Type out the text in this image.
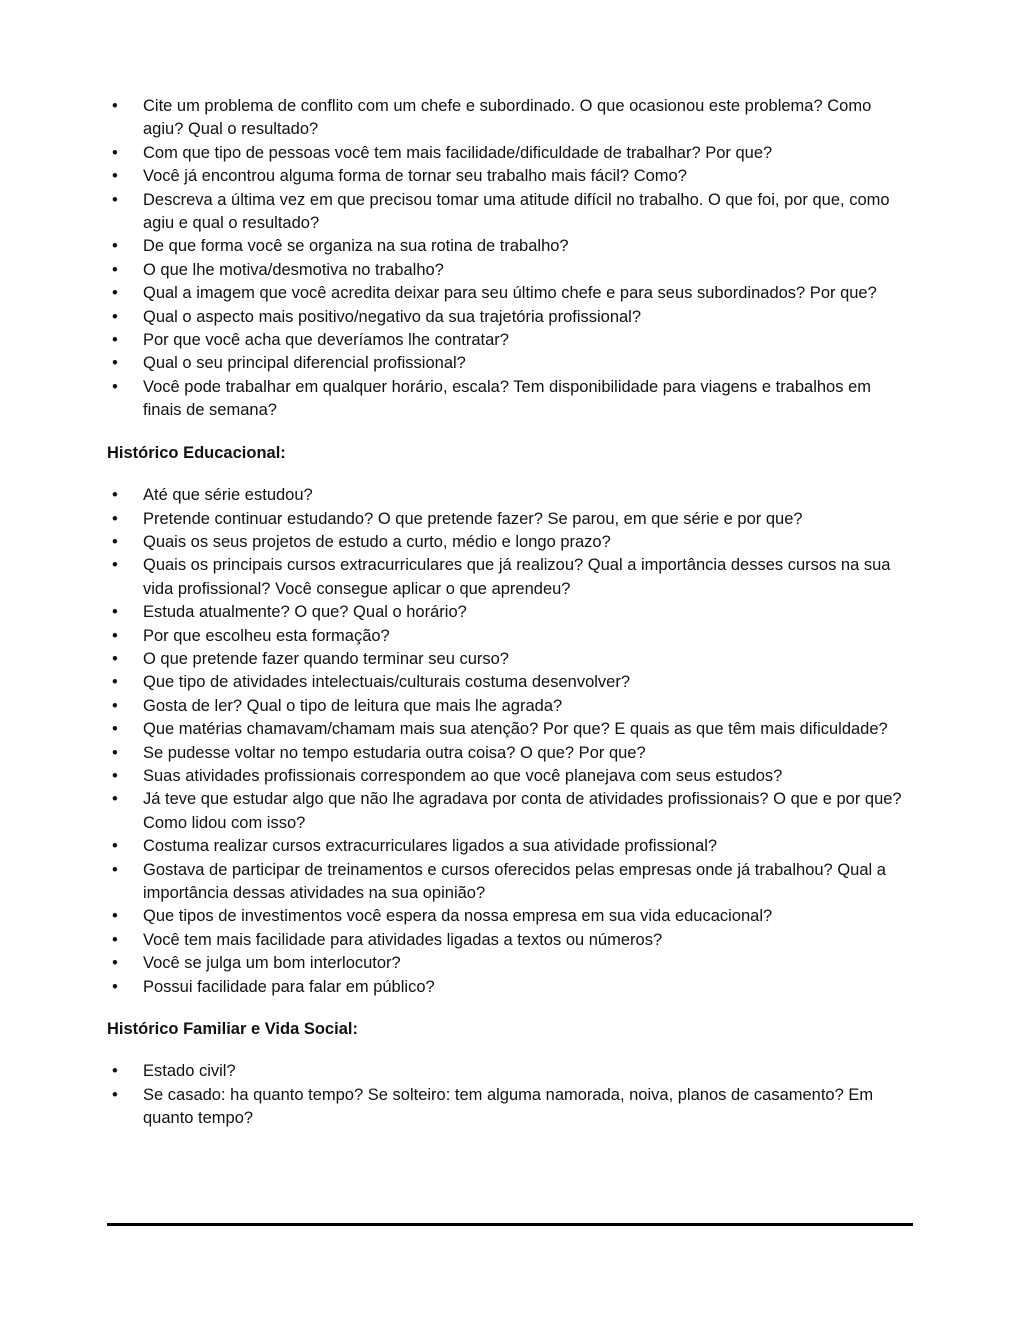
• Cite um problema de conflito com um chefe e subordinado. O que ocasionou este problema? Como agiu? Qual o resultado?
• Com que tipo de pessoas você tem mais facilidade/dificuldade de trabalhar? Por que?
• Você já encontrou alguma forma de tornar seu trabalho mais fácil? Como?
• Descreva a última vez em que precisou tomar uma atitude difícil no trabalho. O que foi, por que, como agiu e qual o resultado?
• De que forma você se organiza na sua rotina de trabalho?
• O que lhe motiva/desmotiva no trabalho?
• Qual a imagem que você acredita deixar para seu último chefe e para seus subordinados? Por que?
• Qual o aspecto mais positivo/negativo da sua trajetória profissional?
• Por que você acha que deveríamos lhe contratar?
• Qual o seu principal diferencial profissional?
• Você pode trabalhar em qualquer horário, escala? Tem disponibilidade para viagens e trabalhos em finais de semana?
Histórico Educacional:
• Até que série estudou?
• Pretende continuar estudando? O que pretende fazer? Se parou, em que série e por que?
• Quais os seus projetos de estudo a curto, médio e longo prazo?
• Quais os principais cursos extracurriculares que já realizou? Qual a importância desses cursos na sua vida profissional? Você consegue aplicar o que aprendeu?
• Estuda atualmente? O que? Qual o horário?
• Por que escolheu esta formação?
• O que pretende fazer quando terminar seu curso?
• Que tipo de atividades intelectuais/culturais costuma desenvolver?
• Gosta de ler? Qual o tipo de leitura que mais lhe agrada?
• Que matérias chamavam/chamam mais sua atenção? Por que? E quais as que têm mais dificuldade?
• Se pudesse voltar no tempo estudaria outra coisa? O que? Por que?
• Suas atividades profissionais correspondem ao que você planejava com seus estudos?
• Já teve que estudar algo que não lhe agradava por conta de atividades profissionais? O que e por que? Como lidou com isso?
• Costuma realizar cursos extracurriculares ligados a sua atividade profissional?
• Gostava de participar de treinamentos e cursos oferecidos pelas empresas onde já trabalhou? Qual a importância dessas atividades na sua opinião?
• Que tipos de investimentos você espera da nossa empresa em sua vida educacional?
• Você tem mais facilidade para atividades ligadas a textos ou números?
• Você se julga um bom interlocutor?
• Possui facilidade para falar em público?
Histórico Familiar e Vida Social:
• Estado civil?
• Se casado: ha quanto tempo? Se solteiro: tem alguma namorada, noiva, planos de casamento? Em quanto tempo?
